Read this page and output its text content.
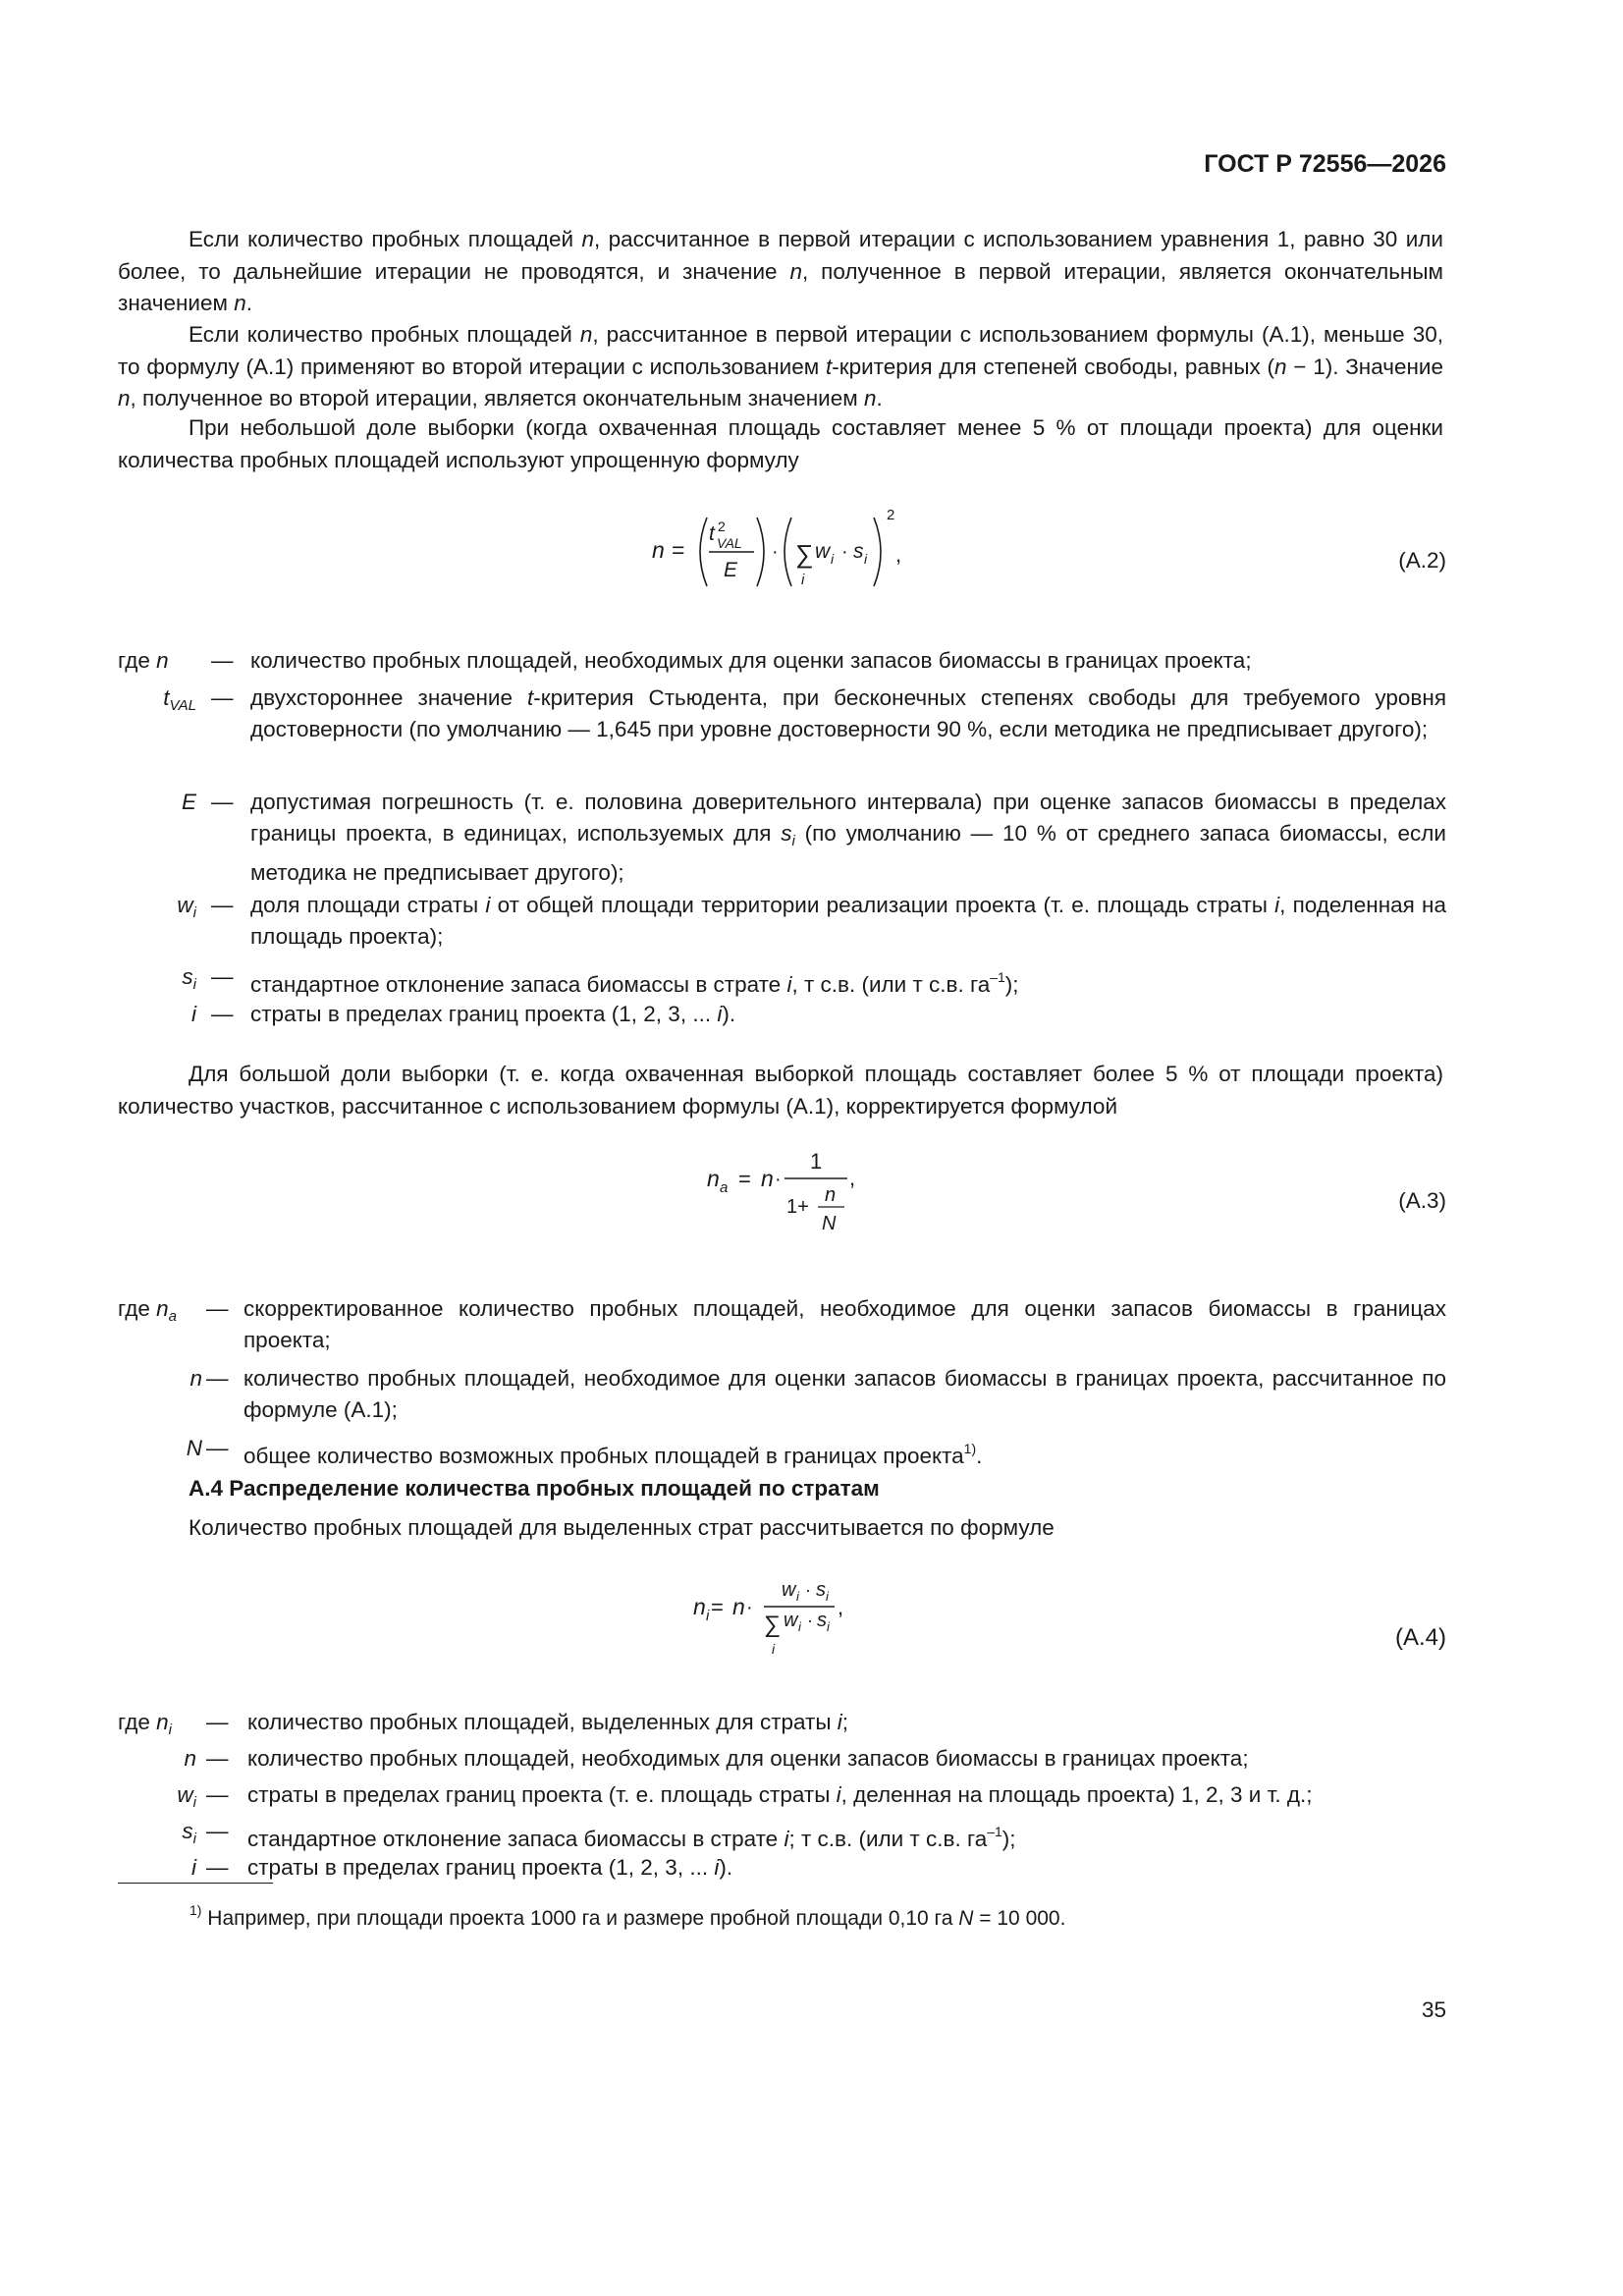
ГОСТ Р 72556—2026

Если количество пробных площадей n, рассчитанное в первой итерации с использованием уравнения 1, равно 30 или более, то дальнейшие итерации не проводятся, и значение n, полученное в первой итерации, является окончательным значением n.

Если количество пробных площадей n, рассчитанное в первой итерации с использованием формулы (А.1), меньше 30, то формулу (А.1) применяют во второй итерации с использованием t-критерия для степеней свободы, равных (n − 1). Значение n, полученное во второй итерации, является окончательным значением n.

При небольшой доле выборки (когда охваченная площадь составляет менее 5 % от площади проекта) для оценки количества пробных площадей используют упрощенную формулу

n =
t 2
VAL
E
· ∑
i
w i · s i
2
,	(А.2)
где n	— количество пробных площадей, необходимых для оценки запасов биомассы в границах проекта;
$t_{VAL}$ — двухстороннее значение t-критерия Стьюдента, при бесконечных степенях свободы для требуемого уровня достоверности (по умолчанию — 1,645 при уровне достоверности 90 %, если методика не предписывает другого);
E — допустимая погрешность (т. е. половина доверительного интервала) при оценке запасов биомассы в пределах границы проекта, в единицах, используемых для $s_i$ (по умолчанию — 10 % от среднего запаса биомассы, если методика не предписывает другого);
$w_i$ — доля площади страты i от общей площади территории реализации проекта (т. е. площадь страты i, поделенная на площадь проекта);
$s_i$ — стандартное отклонение запаса биомассы в страте i, т с.в. (или т с.в. $га^{-1}$);
i — страты в пределах границ проекта (1, 2, 3, ... i).

Для большой доли выборки (т. е. когда охваченная выборкой площадь составляет более 5 % от площади проекта) количество участков, рассчитанное с использованием формулы (А.1), корректируется формулой

n a = n ·
1
,
1+
n
N
(А.3)
где $n_a$	— скорректированное количество пробных площадей, необходимое для оценки запасов биомассы в границах проекта;
n — количество пробных площадей, необходимое для оценки запасов биомассы в границах проекта, рассчитанное по формуле (А.1);
N — общее количество возможных пробных площадей в границах проекта$^{1)}$.
А.4 Распределение количества пробных площадей по стратам

Количество пробных площадей для выделенных страт рассчитывается по формуле

n i = n ·
w i · s i ,
∑
i
w i · s i	(А.4)
где $n_i$	— количество пробных площадей, выделенных для страты i;
n — количество пробных площадей, необходимых для оценки запасов биомассы в границах проекта;
$w_i$ — страты в пределах границ проекта (т. е. площадь страты i, деленная на площадь проекта) 1, 2, 3 и т. д.;
$s_i$ — стандартное отклонение запаса биомассы в страте i; т с.в. (или т с.в. $га^{-1}$);
i — страты в пределах границ проекта (1, 2, 3, ... i).
$^{1)}$ Например, при площади проекта 1000 га и размере пробной площади 0,10 га N = 10 000.
35
